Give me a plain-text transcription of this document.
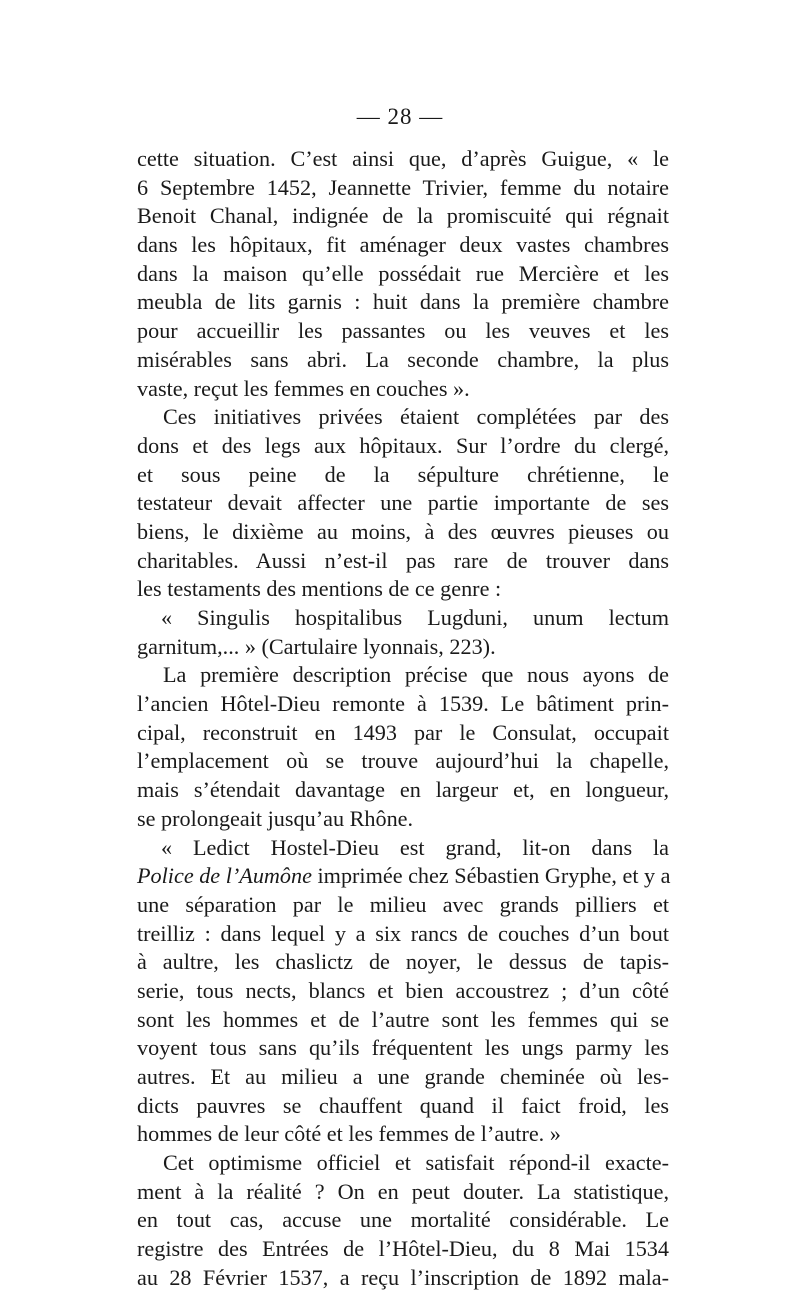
— 28 —
cette situation. C’est ainsi que, d’après Guigue, « le
6 Septembre 1452, Jeannette Trivier, femme du notaire
Benoit Chanal, indignée de la promiscuité qui régnait
dans les hôpitaux, fit aménager deux vastes chambres
dans la maison qu’elle possédait rue Mercière et les
meubla de lits garnis : huit dans la première chambre
pour accueillir les passantes ou les veuves et les
misérables sans abri. La seconde chambre, la plus
vaste, reçut les femmes en couches ».
Ces initiatives privées étaient complétées par des
dons et des legs aux hôpitaux. Sur l’ordre du clergé,
et sous peine de la sépulture chrétienne, le
testateur devait affecter une partie importante de ses
biens, le dixième au moins, à des œuvres pieuses ou
charitables. Aussi n’est-il pas rare de trouver dans
les testaments des mentions de ce genre :
« Singulis hospitalibus Lugduni, unum lectum
garnitum,... » (Cartulaire lyonnais, 223).
La première description précise que nous ayons de
l’ancien Hôtel-Dieu remonte à 1539. Le bâtiment prin-
cipal, reconstruit en 1493 par le Consulat, occupait
l’emplacement où se trouve aujourd’hui la chapelle,
mais s’étendait davantage en largeur et, en longueur,
se prolongeait jusqu’au Rhône.
« Ledict Hostel-Dieu est grand, lit-on dans la
Police de l’Aumône imprimée chez Sébastien Gryphe, et y a
une séparation par le milieu avec grands pilliers et
treilliz : dans lequel y a six rancs de couches d’un bout
à aultre, les chaslictz de noyer, le dessus de tapis-
serie, tous nects, blancs et bien accoustrez ; d’un côté
sont les hommes et de l’autre sont les femmes qui se
voyent tous sans qu’ils fréquentent les ungs parmy les
autres. Et au milieu a une grande cheminée où les-
dicts pauvres se chauffent quand il faict froid, les
hommes de leur côté et les femmes de l’autre. »
Cet optimisme officiel et satisfait répond-il exacte-
ment à la réalité ? On en peut douter. La statistique,
en tout cas, accuse une mortalité considérable. Le
registre des Entrées de l’Hôtel-Dieu, du 8 Mai 1534
au 28 Février 1537, a reçu l’inscription de 1892 mala-
